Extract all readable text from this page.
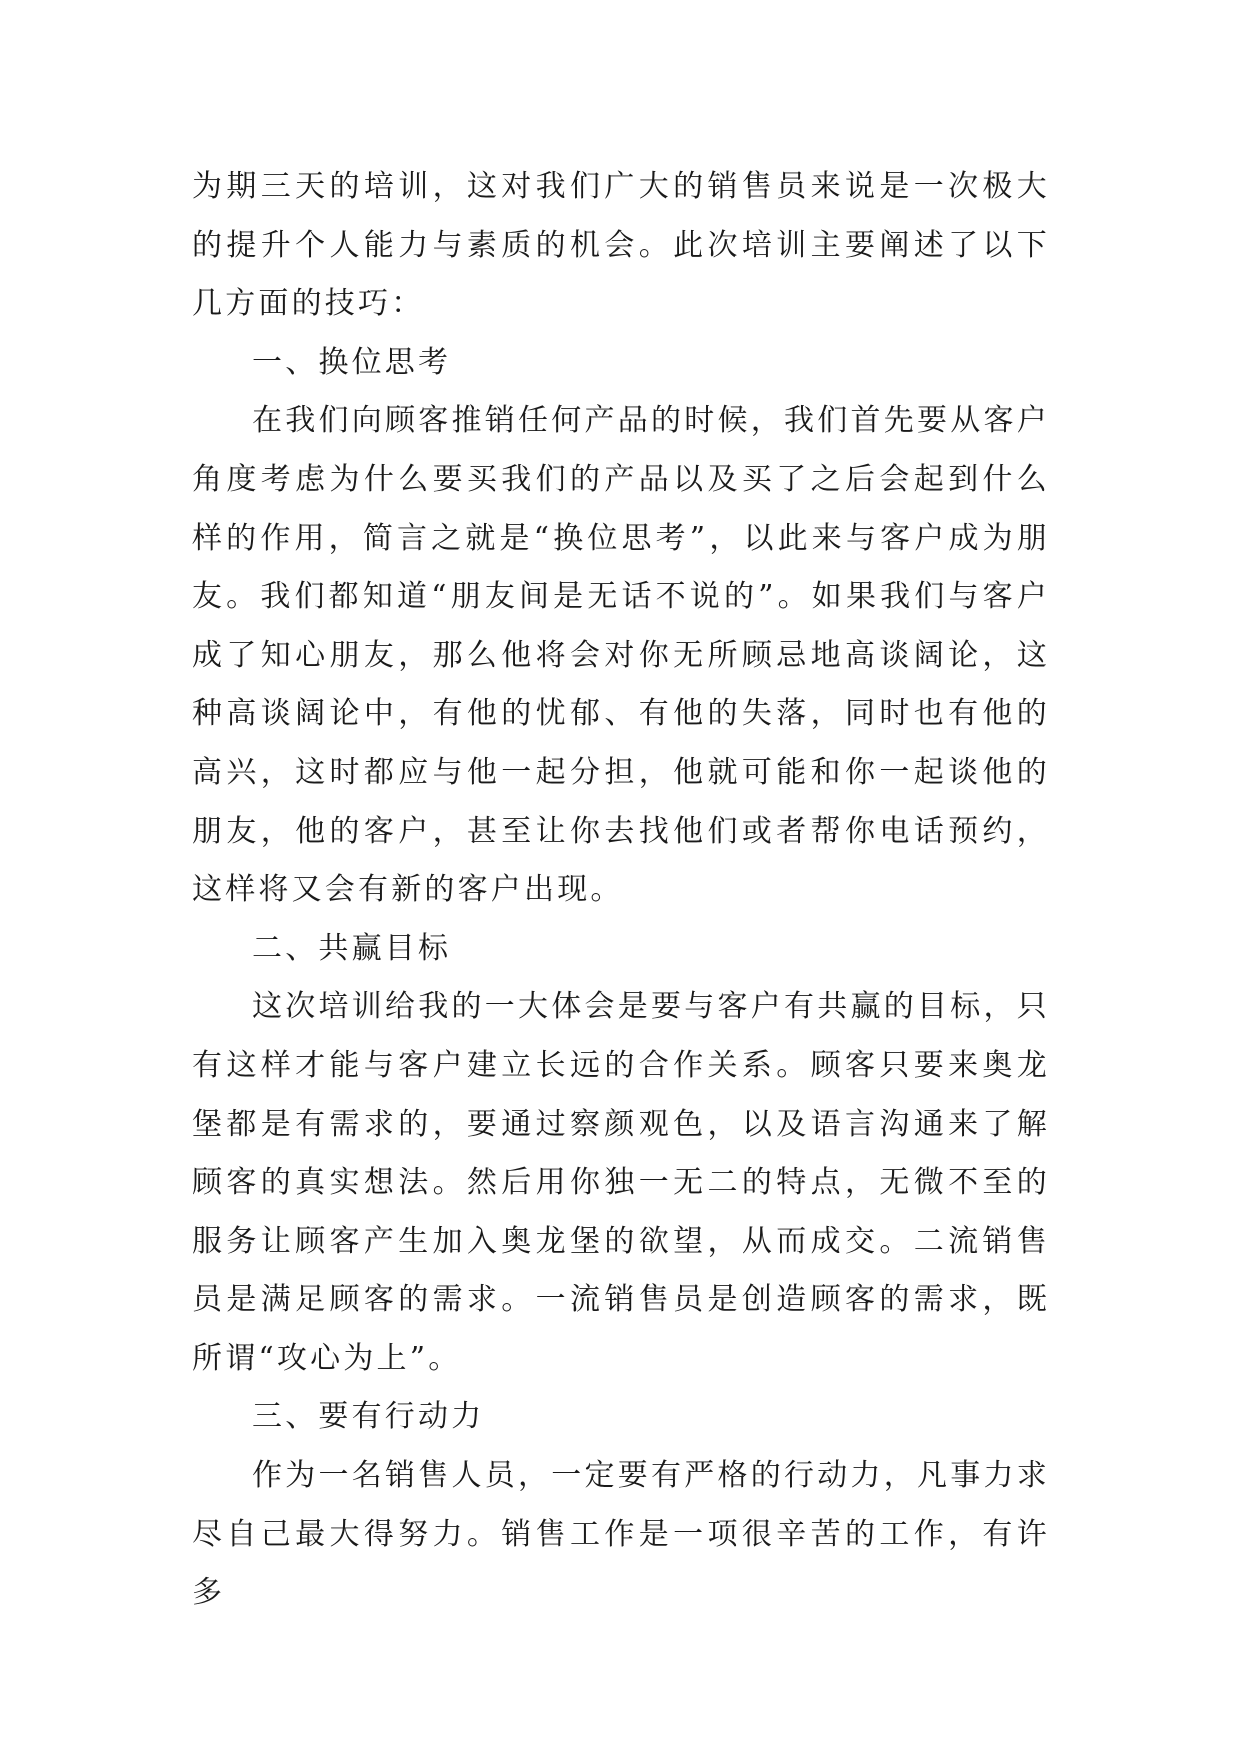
为期三天的培训，这对我们广大的销售员来说是一次极大的提升个人能力与素质的机会。此次培训主要阐述了以下几方面的技巧：

一、换位思考

在我们向顾客推销任何产品的时候，我们首先要从客户角度考虑为什么要买我们的产品以及买了之后会起到什么样的作用，简言之就是“换位思考”，以此来与客户成为朋友。我们都知道“朋友间是无话不说的”。如果我们与客户成了知心朋友，那么他将会对你无所顾忌地高谈阔论，这种高谈阔论中，有他的忧郁、有他的失落，同时也有他的高兴，这时都应与他一起分担，他就可能和你一起谈他的朋友，他的客户，甚至让你去找他们或者帮你电话预约，这样将又会有新的客户出现。

二、共赢目标

这次培训给我的一大体会是要与客户有共赢的目标，只有这样才能与客户建立长远的合作关系。顾客只要来奥龙堡都是有需求的，要通过察颜观色，以及语言沟通来了解顾客的真实想法。然后用你独一无二的特点，无微不至的服务让顾客产生加入奥龙堡的欲望，从而成交。二流销售员是满足顾客的需求。一流销售员是创造顾客的需求，既所谓“攻心为上”。

三、要有行动力

作为一名销售人员，一定要有严格的行动力，凡事力求尽自己最大得努力。销售工作是一项很辛苦的工作，有许多
